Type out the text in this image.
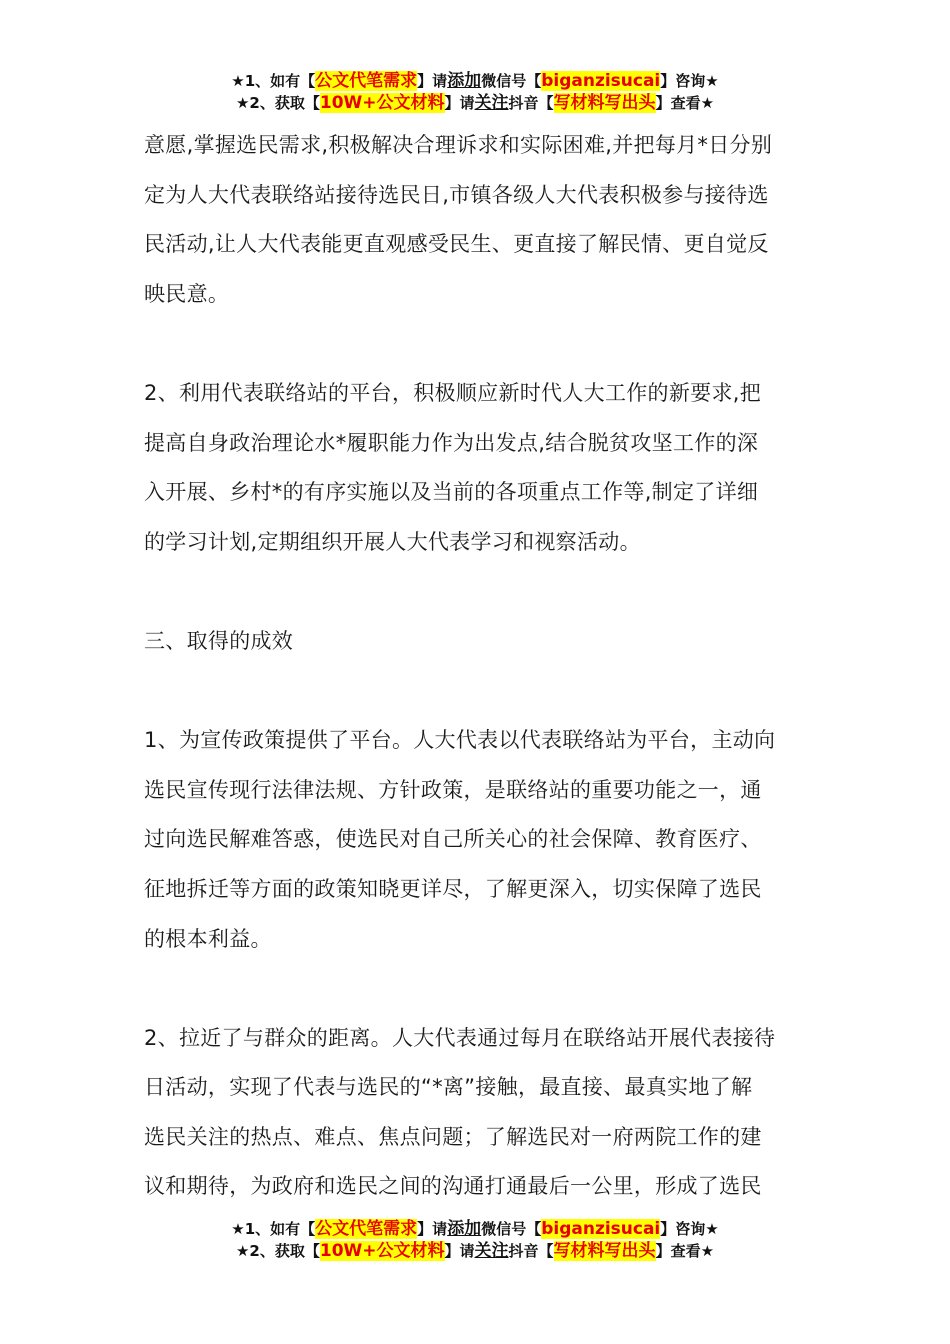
★1、如有【公文代笔需求】请添加微信号【biganzisucai】咨询★
★2、获取【10W+公文材料】请关注抖音【写材料写出头】查看★

意愿,掌握选民需求,积极解决合理诉求和实际困难,并把每月*日分别
定为人大代表联络站接待选民日,市镇各级人大代表积极参与接待选
民活动,让人大代表能更直观感受民生、更直接了解民情、更自觉反
映民意。

2、利用代表联络站的平台，积极顺应新时代人大工作的新要求,把
提高自身政治理论水*履职能力作为出发点,结合脱贫攻坚工作的深
入开展、乡村*的有序实施以及当前的各项重点工作等,制定了详细
的学习计划,定期组织开展人大代表学习和视察活动。

三、取得的成效

1、为宣传政策提供了平台。人大代表以代表联络站为平台，主动向
选民宣传现行法律法规、方针政策，是联络站的重要功能之一，通
过向选民解难答惑，使选民对自己所关心的社会保障、教育医疗、
征地拆迁等方面的政策知晓更详尽，了解更深入，切实保障了选民
的根本利益。

2、拉近了与群众的距离。人大代表通过每月在联络站开展代表接待
日活动，实现了代表与选民的“*离”接触，最直接、最真实地了解
选民关注的热点、难点、焦点问题；了解选民对一府两院工作的建
议和期待，为政府和选民之间的沟通打通最后一公里，形成了选民

★1、如有【公文代笔需求】请添加微信号【biganzisucai】咨询★
★2、获取【10W+公文材料】请关注抖音【写材料写出头】查看★
